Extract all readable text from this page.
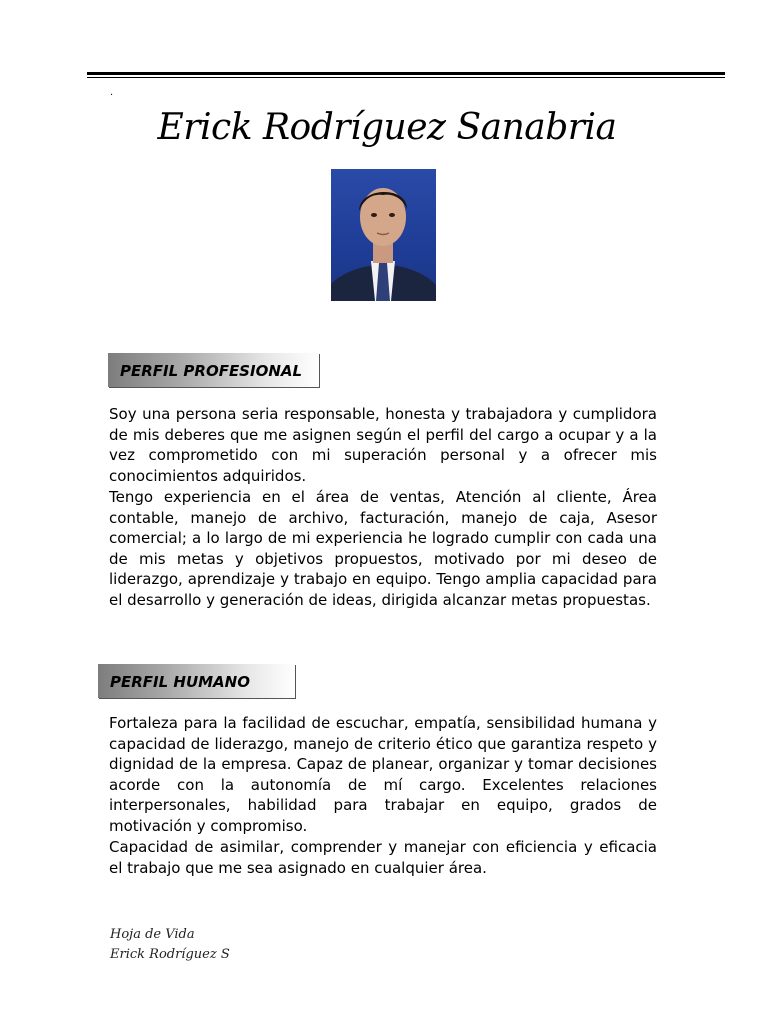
.
Erick Rodríguez Sanabria
PERFIL PROFESIONAL
Soy una persona seria responsable, honesta y trabajadora y cumplidora de mis deberes que me asignen según el perfil del cargo a ocupar y a la vez comprometido con mi superación personal y a ofrecer mis conocimientos adquiridos.
Tengo experiencia en el área de ventas, Atención al cliente, Área contable, manejo de archivo, facturación, manejo de caja, Asesor comercial; a lo largo de mi experiencia he logrado cumplir con cada una de mis metas y objetivos propuestos, motivado por mi deseo de liderazgo, aprendizaje y trabajo en equipo. Tengo amplia capacidad para el desarrollo y generación de ideas, dirigida alcanzar metas propuestas.
PERFIL HUMANO
Fortaleza para la facilidad de escuchar, empatía, sensibilidad humana y capacidad de liderazgo, manejo de criterio ético que garantiza respeto y dignidad de la empresa. Capaz de planear, organizar y tomar decisiones acorde con la autonomía de mí cargo. Excelentes relaciones interpersonales, habilidad para trabajar en equipo, grados de motivación y compromiso.
Capacidad de asimilar, comprender y manejar con eficiencia y eficacia el trabajo que me sea asignado en cualquier área.
Hoja de Vida
Erick Rodríguez S
